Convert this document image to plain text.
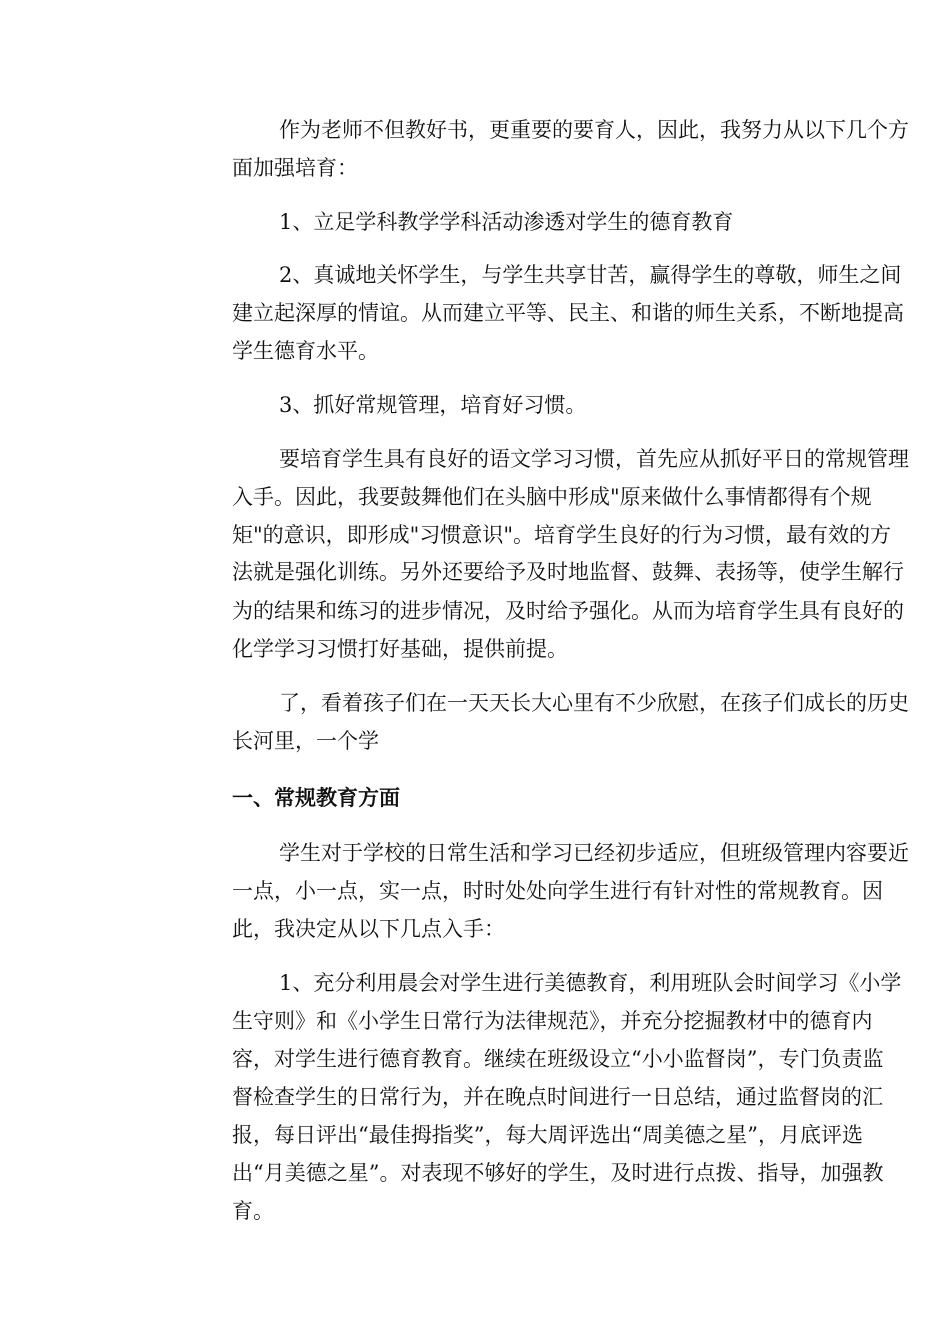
作为老师不但教好书，更重要的要育人，因此，我努力从以下几个方
面加强培育：
1、立足学科教学学科活动渗透对学生的德育教育
2、真诚地关怀学生，与学生共享甘苦，赢得学生的尊敬，师生之间
建立起深厚的情谊。从而建立平等、民主、和谐的师生关系，不断地提高
学生德育水平。
3、抓好常规管理，培育好习惯。
要培育学生具有良好的语文学习习惯，首先应从抓好平日的常规管理
入手。因此，我要鼓舞他们在头脑中形成"原来做什么事情都得有个规
矩"的意识，即形成"习惯意识"。培育学生良好的行为习惯，最有效的方
法就是强化训练。另外还要给予及时地监督、鼓舞、表扬等，使学生解行
为的结果和练习的进步情况，及时给予强化。从而为培育学生具有良好的
化学学习习惯打好基础，提供前提。
了，看着孩子们在一天天长大心里有不少欣慰，在孩子们成长的历史
长河里，一个学
一、常规教育方面
学生对于学校的日常生活和学习已经初步适应，但班级管理内容要近
一点，小一点，实一点，时时处处向学生进行有针对性的常规教育。因
此，我决定从以下几点入手：
1、充分利用晨会对学生进行美德教育，利用班队会时间学习《小学
生守则》和《小学生日常行为法律规范》，并充分挖掘教材中的德育内
容，对学生进行德育教育。继续在班级设立“小小监督岗”，专门负责监
督检查学生的日常行为，并在晚点时间进行一日总结，通过监督岗的汇
报，每日评出“最佳拇指奖”，每大周评选出“周美德之星”，月底评选
出“月美德之星”。对表现不够好的学生，及时进行点拨、指导，加强教
育。
